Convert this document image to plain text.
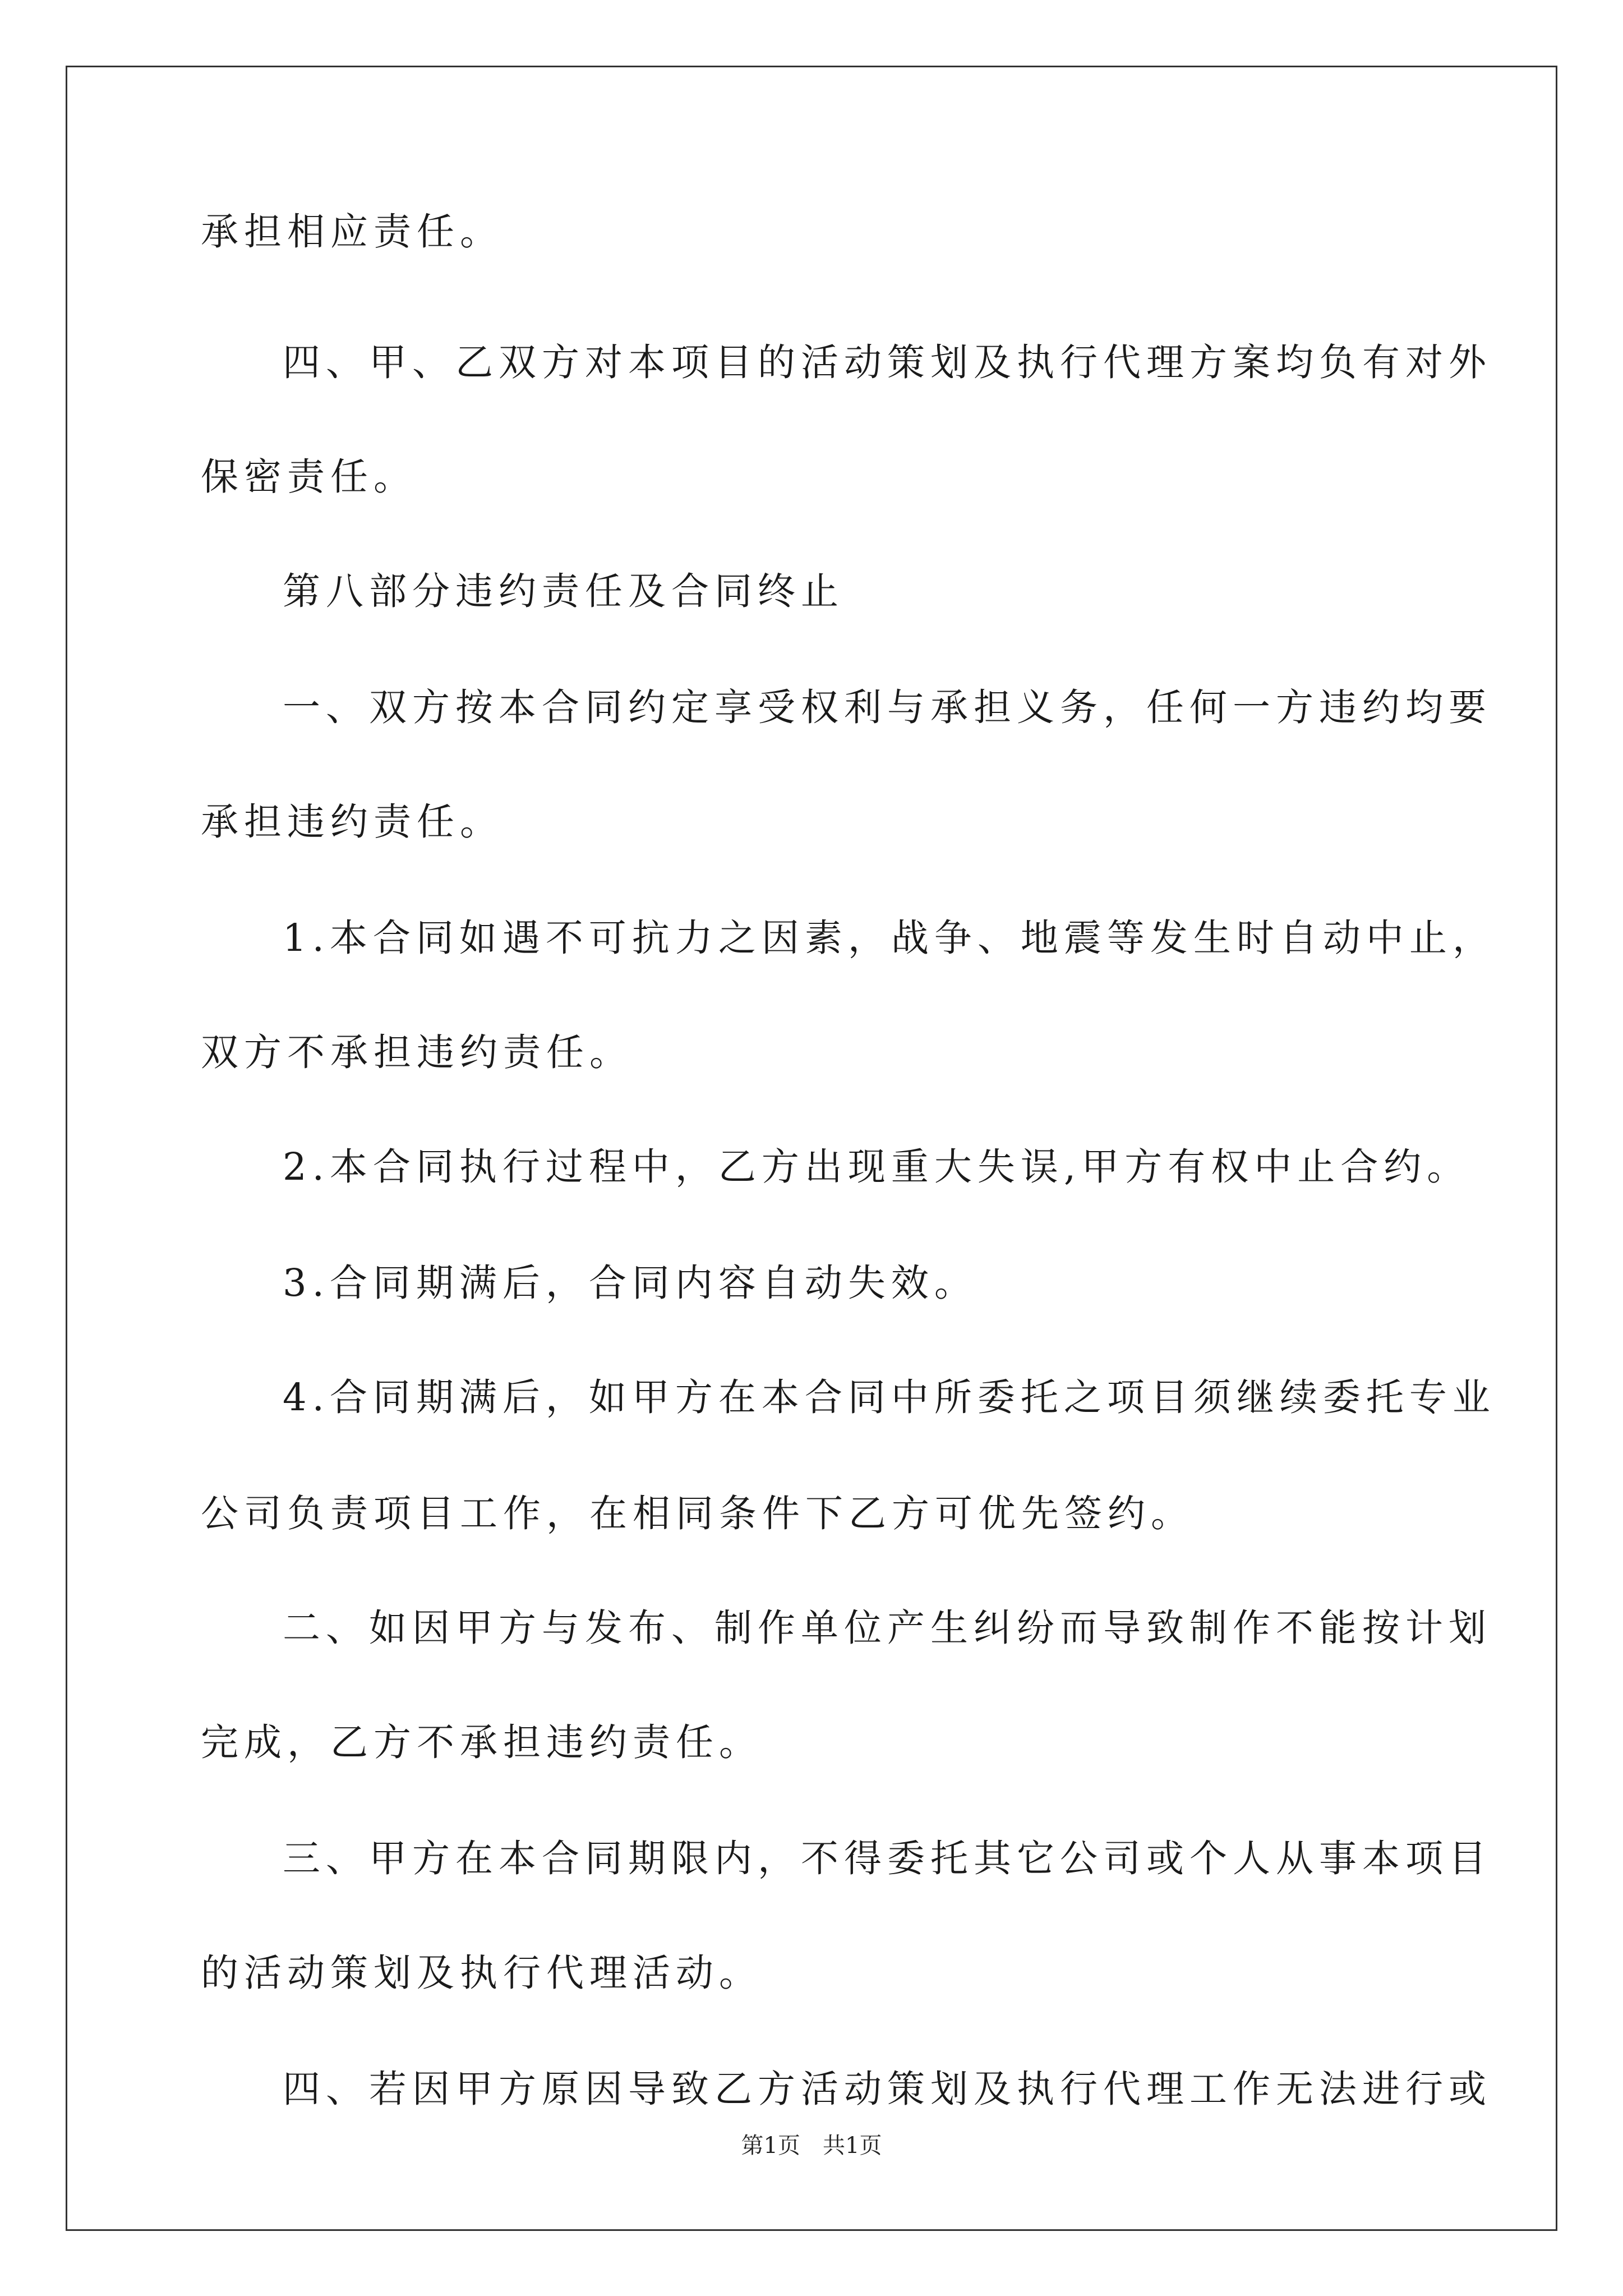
承担相应责任。
四、甲、乙双方对本项目的活动策划及执行代理方案均负有对外
保密责任。
第八部分违约责任及合同终止
一、双方按本合同约定享受权利与承担义务，任何一方违约均要
承担违约责任。
1.本合同如遇不可抗力之因素，战争、地震等发生时自动中止，
双方不承担违约责任。
2.本合同执行过程中，乙方出现重大失误,甲方有权中止合约。
3.合同期满后，合同内容自动失效。
4.合同期满后，如甲方在本合同中所委托之项目须继续委托专业
公司负责项目工作，在相同条件下乙方可优先签约。
二、如因甲方与发布、制作单位产生纠纷而导致制作不能按计划
完成，乙方不承担违约责任。
三、甲方在本合同期限内，不得委托其它公司或个人从事本项目
的活动策划及执行代理活动。
四、若因甲方原因导致乙方活动策划及执行代理工作无法进行或
第1页　共1页
